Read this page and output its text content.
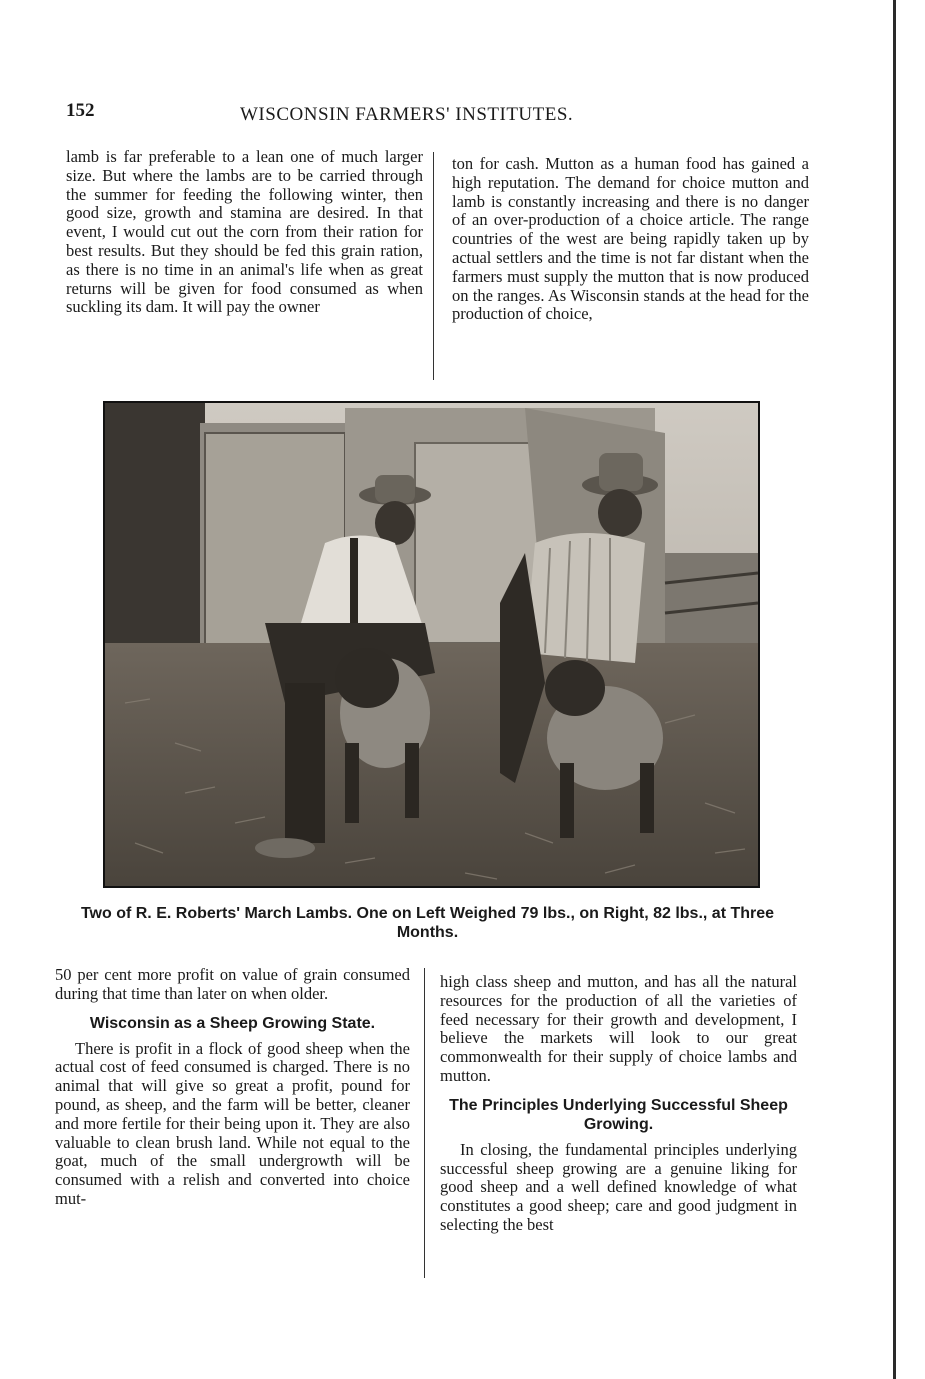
152	WISCONSIN FARMERS' INSTITUTES.

lamb is far preferable to a lean one of much larger size. But where the lambs are to be carried through the summer for feeding the following winter, then good size, growth and stamina are desired. In that event, I would cut out the corn from their ration for best results. But they should be fed this grain ration, as there is no time in an animal's life when as great returns will be given for food consumed as when suckling its dam. It will pay the owner

ton for cash. Mutton as a human food has gained a high reputation. The demand for choice mutton and lamb is constantly increasing and there is no danger of an over-production of a choice article. The range countries of the west are being rapidly taken up by actual settlers and the time is not far distant when the farmers must supply the mutton that is now produced on the ranges. As Wisconsin stands at the head for the production of choice,

Two of R. E. Roberts' March Lambs. One on Left Weighed 79 lbs., on Right, 82 lbs., at Three Months.

50 per cent more profit on value of grain consumed during that time than later on when older.

Wisconsin as a Sheep Growing State.

There is profit in a flock of good sheep when the actual cost of feed consumed is charged. There is no animal that will give so great a profit, pound for pound, as sheep, and the farm will be better, cleaner and more fertile for their being upon it. They are also valuable to clean brush land. While not equal to the goat, much of the small undergrowth will be consumed with a relish and converted into choice mut-

high class sheep and mutton, and has all the natural resources for the production of all the varieties of feed necessary for their growth and development, I believe the markets will look to our great commonwealth for their supply of choice lambs and mutton.

The Principles Underlying Successful Sheep Growing.

In closing, the fundamental principles underlying successful sheep growing are a genuine liking for good sheep and a well defined knowledge of what constitutes a good sheep; care and good judgment in selecting the best
